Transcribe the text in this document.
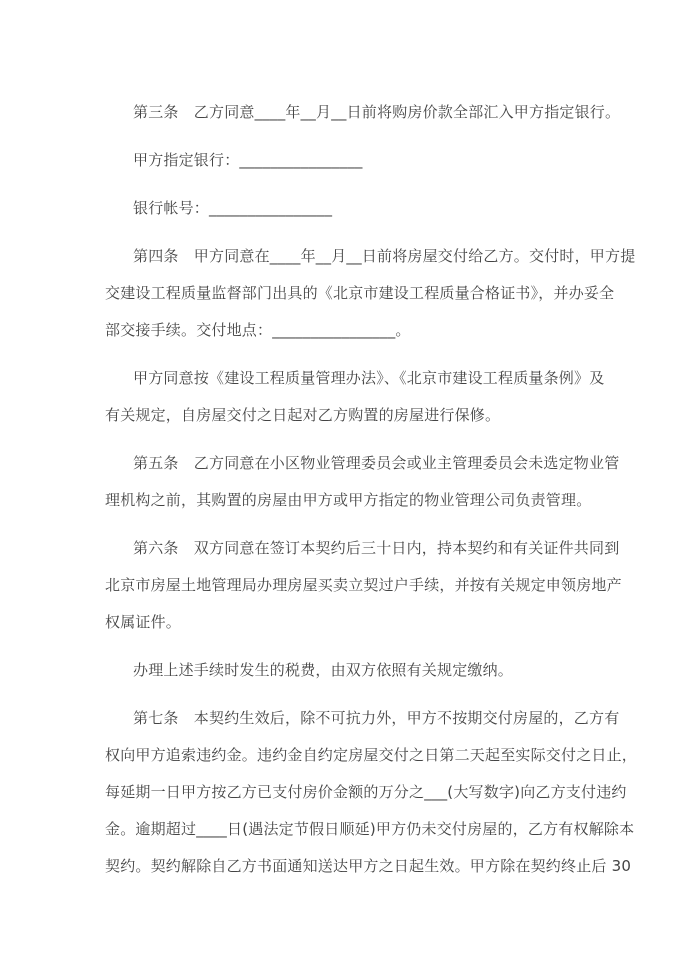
第三条　乙方同意____年__月__日前将购房价款全部汇入甲方指定银行。

甲方指定银行：________________

银行帐号：________________

第四条　甲方同意在____年__月__日前将房屋交付给乙方。交付时，甲方提
交建设工程质量监督部门出具的《北京市建设工程质量合格证书》，并办妥全
部交接手续。交付地点：________________。

甲方同意按《建设工程质量管理办法》、《北京市建设工程质量条例》及
有关规定，自房屋交付之日起对乙方购置的房屋进行保修。

第五条　乙方同意在小区物业管理委员会或业主管理委员会未选定物业管
理机构之前，其购置的房屋由甲方或甲方指定的物业管理公司负责管理。

第六条　双方同意在签订本契约后三十日内，持本契约和有关证件共同到
北京市房屋土地管理局办理房屋买卖立契过户手续，并按有关规定申领房地产
权属证件。

办理上述手续时发生的税费，由双方依照有关规定缴纳。

第七条　本契约生效后，除不可抗力外，甲方不按期交付房屋的，乙方有
权向甲方追索违约金。违约金自约定房屋交付之日第二天起至实际交付之日止，
每延期一日甲方按乙方已支付房价金额的万分之___(大写数字)向乙方支付违约
金。逾期超过____日(遇法定节假日顺延)甲方仍未交付房屋的，乙方有权解除本
契约。契约解除自乙方书面通知送达甲方之日起生效。甲方除在契约终止后 30
